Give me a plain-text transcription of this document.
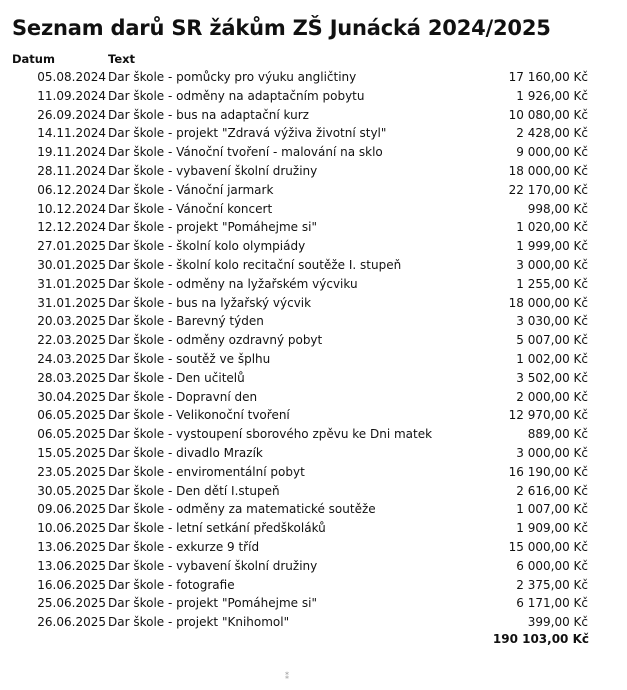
Seznam darů SR žákům ZŠ Junácká 2024/2025
Datum	Text
05.08.2024 Dar škole - pomůcky pro výuku angličtiny	17 160,00 Kč
11.09.2024 Dar škole - odměny na adaptačním pobytu	1 926,00 Kč
26.09.2024 Dar škole - bus na adaptační kurz	10 080,00 Kč
14.11.2024 Dar škole - projekt "Zdravá výživa životní styl"	2 428,00 Kč
19.11.2024 Dar škole - Vánoční tvoření - malování na sklo	9 000,00 Kč
28.11.2024 Dar škole - vybavení školní družiny	18 000,00 Kč
06.12.2024 Dar škole - Vánoční jarmark	22 170,00 Kč
10.12.2024 Dar škole - Vánoční koncert	998,00 Kč
12.12.2024 Dar škole - projekt "Pomáhejme si"	1 020,00 Kč
27.01.2025 Dar škole - školní kolo olympiády	1 999,00 Kč
30.01.2025 Dar škole - školní kolo recitační soutěže I. stupeň	3 000,00 Kč
31.01.2025 Dar škole - odměny na lyžařském výcviku	1 255,00 Kč
31.01.2025 Dar škole - bus na lyžařský výcvik	18 000,00 Kč
20.03.2025 Dar škole - Barevný týden	3 030,00 Kč
22.03.2025 Dar škole - odměny ozdravný pobyt	5 007,00 Kč
24.03.2025 Dar škole - soutěž ve šplhu	1 002,00 Kč
28.03.2025 Dar škole - Den učitelů	3 502,00 Kč
30.04.2025 Dar škole - Dopravní den	2 000,00 Kč
06.05.2025 Dar škole - Velikonoční tvoření	12 970,00 Kč
06.05.2025 Dar škole - vystoupení sborového zpěvu ke Dni matek	889,00 Kč
15.05.2025 Dar škole - divadlo Mrazík	3 000,00 Kč
23.05.2025 Dar škole - enviromentální pobyt	16 190,00 Kč
30.05.2025 Dar škole - Den dětí I.stupeň	2 616,00 Kč
09.06.2025 Dar škole - odměny za matematické soutěže	1 007,00 Kč
10.06.2025 Dar škole - letní setkání předškoláků	1 909,00 Kč
13.06.2025 Dar škole - exkurze 9 tříd	15 000,00 Kč
13.06.2025 Dar škole - vybavení školní družiny	6 000,00 Kč
16.06.2025 Dar škole - fotografie	2 375,00 Kč
25.06.2025 Dar škole - projekt "Pomáhejme si"	6 171,00 Kč
26.06.2025 Dar škole - projekt "Knihomol"	399,00 Kč
190 103,00 Kč
⁑
